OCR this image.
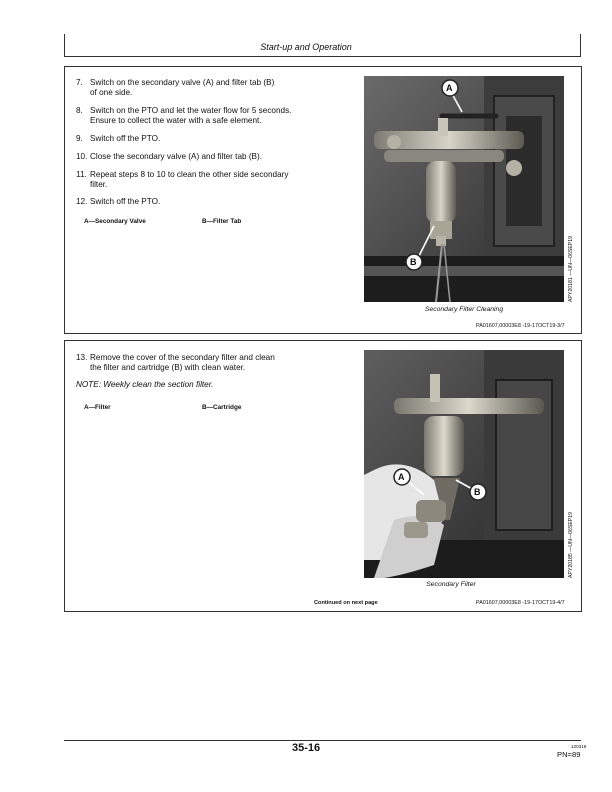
Start-up and Operation
7. Switch on the secondary valve (A) and filter tab (B)
of one side.
8. Switch on the PTO and let the water flow for 5 seconds.
Ensure to collect the water with a safe element.
9. Switch off the PTO.
10. Close the secondary valve (A) and filter tab (B).
11. Repeat steps 8 to 10 to clean the other side secondary
filter.
12. Switch off the PTO.
A—Secondary Valve	B—Filter Tab
A
B
Secondary Filter Cleaning
APY20181 —UN—06SEP19
PA01607,00003E8 -19-17OCT19-3/7
13. Remove the cover of the secondary filter and clean
the filter and cartridge (B) with clean water.
NOTE: Weekly clean the section filter.
A—Filter	B—Cartridge
A
B
Secondary Filter
APY20185 —UN—06SEP19
Continued on next page	PA01607,00003E8 -19-17OCT19-4/7
35-16	120319
PN=89
